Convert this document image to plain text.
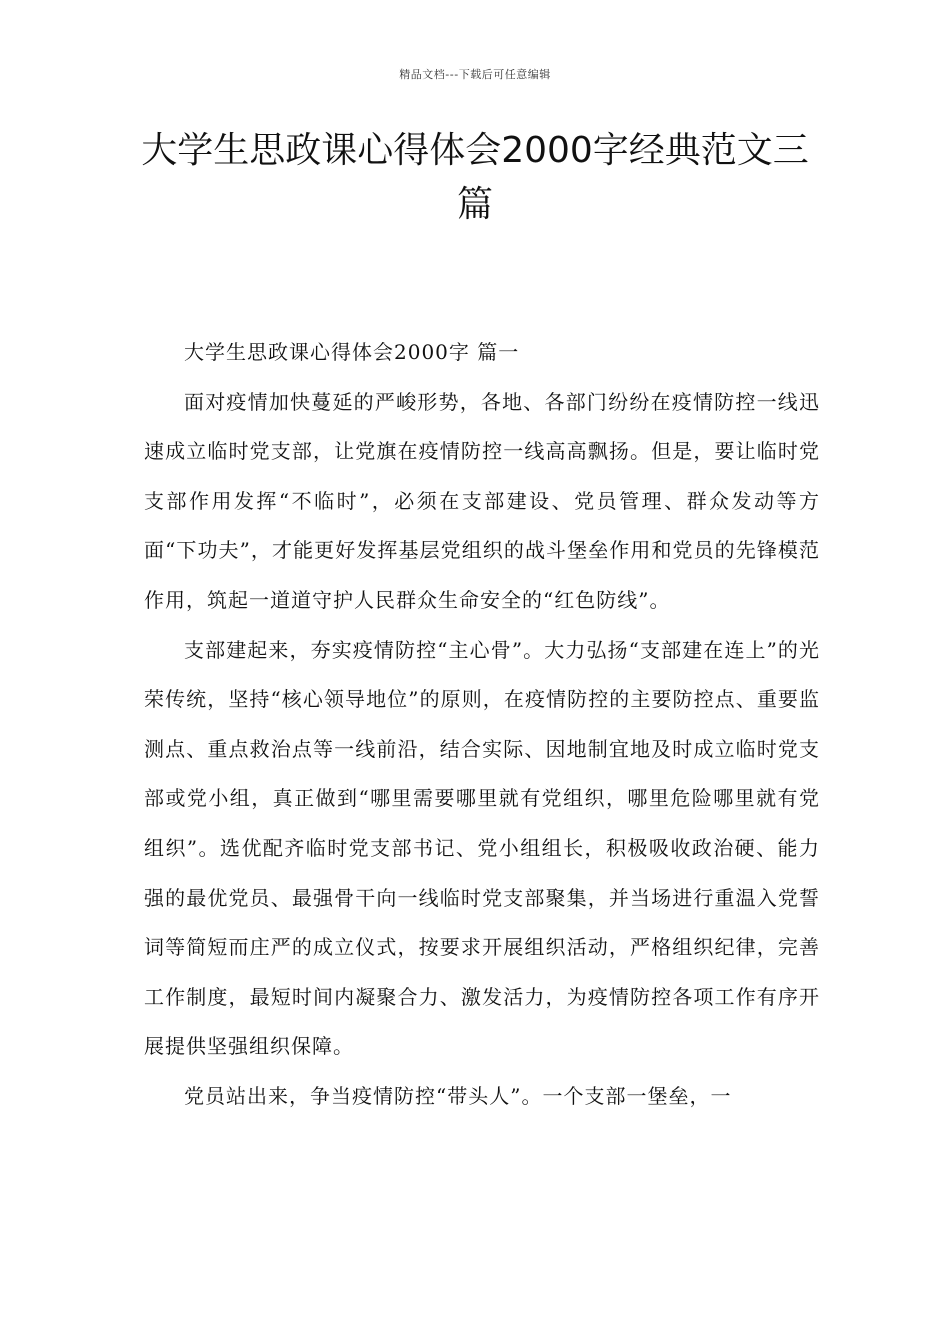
精品文档---下载后可任意编辑
大学生思政课心得体会2000字经典范文三篇

大学生思政课心得体会2000字 篇一

面对疫情加快蔓延的严峻形势，各地、各部门纷纷在疫情防控一线迅速成立临时党支部，让党旗在疫情防控一线高高飘扬。但是，要让临时党支部作用发挥“不临时”，必须在支部建设、党员管理、群众发动等方面“下功夫”，才能更好发挥基层党组织的战斗堡垒作用和党员的先锋模范作用，筑起一道道守护人民群众生命安全的“红色防线”。

支部建起来，夯实疫情防控“主心骨”。大力弘扬“支部建在连上”的光荣传统，坚持“核心领导地位”的原则，在疫情防控的主要防控点、重要监测点、重点救治点等一线前沿，结合实际、因地制宜地及时成立临时党支部或党小组，真正做到“哪里需要哪里就有党组织，哪里危险哪里就有党组织”。选优配齐临时党支部书记、党小组组长，积极吸收政治硬、能力强的最优党员、最强骨干向一线临时党支部聚集，并当场进行重温入党誓词等简短而庄严的成立仪式，按要求开展组织活动，严格组织纪律，完善工作制度，最短时间内凝聚合力、激发活力，为疫情防控各项工作有序开展提供坚强组织保障。

党员站出来，争当疫情防控“带头人”。一个支部一堡垒，一
